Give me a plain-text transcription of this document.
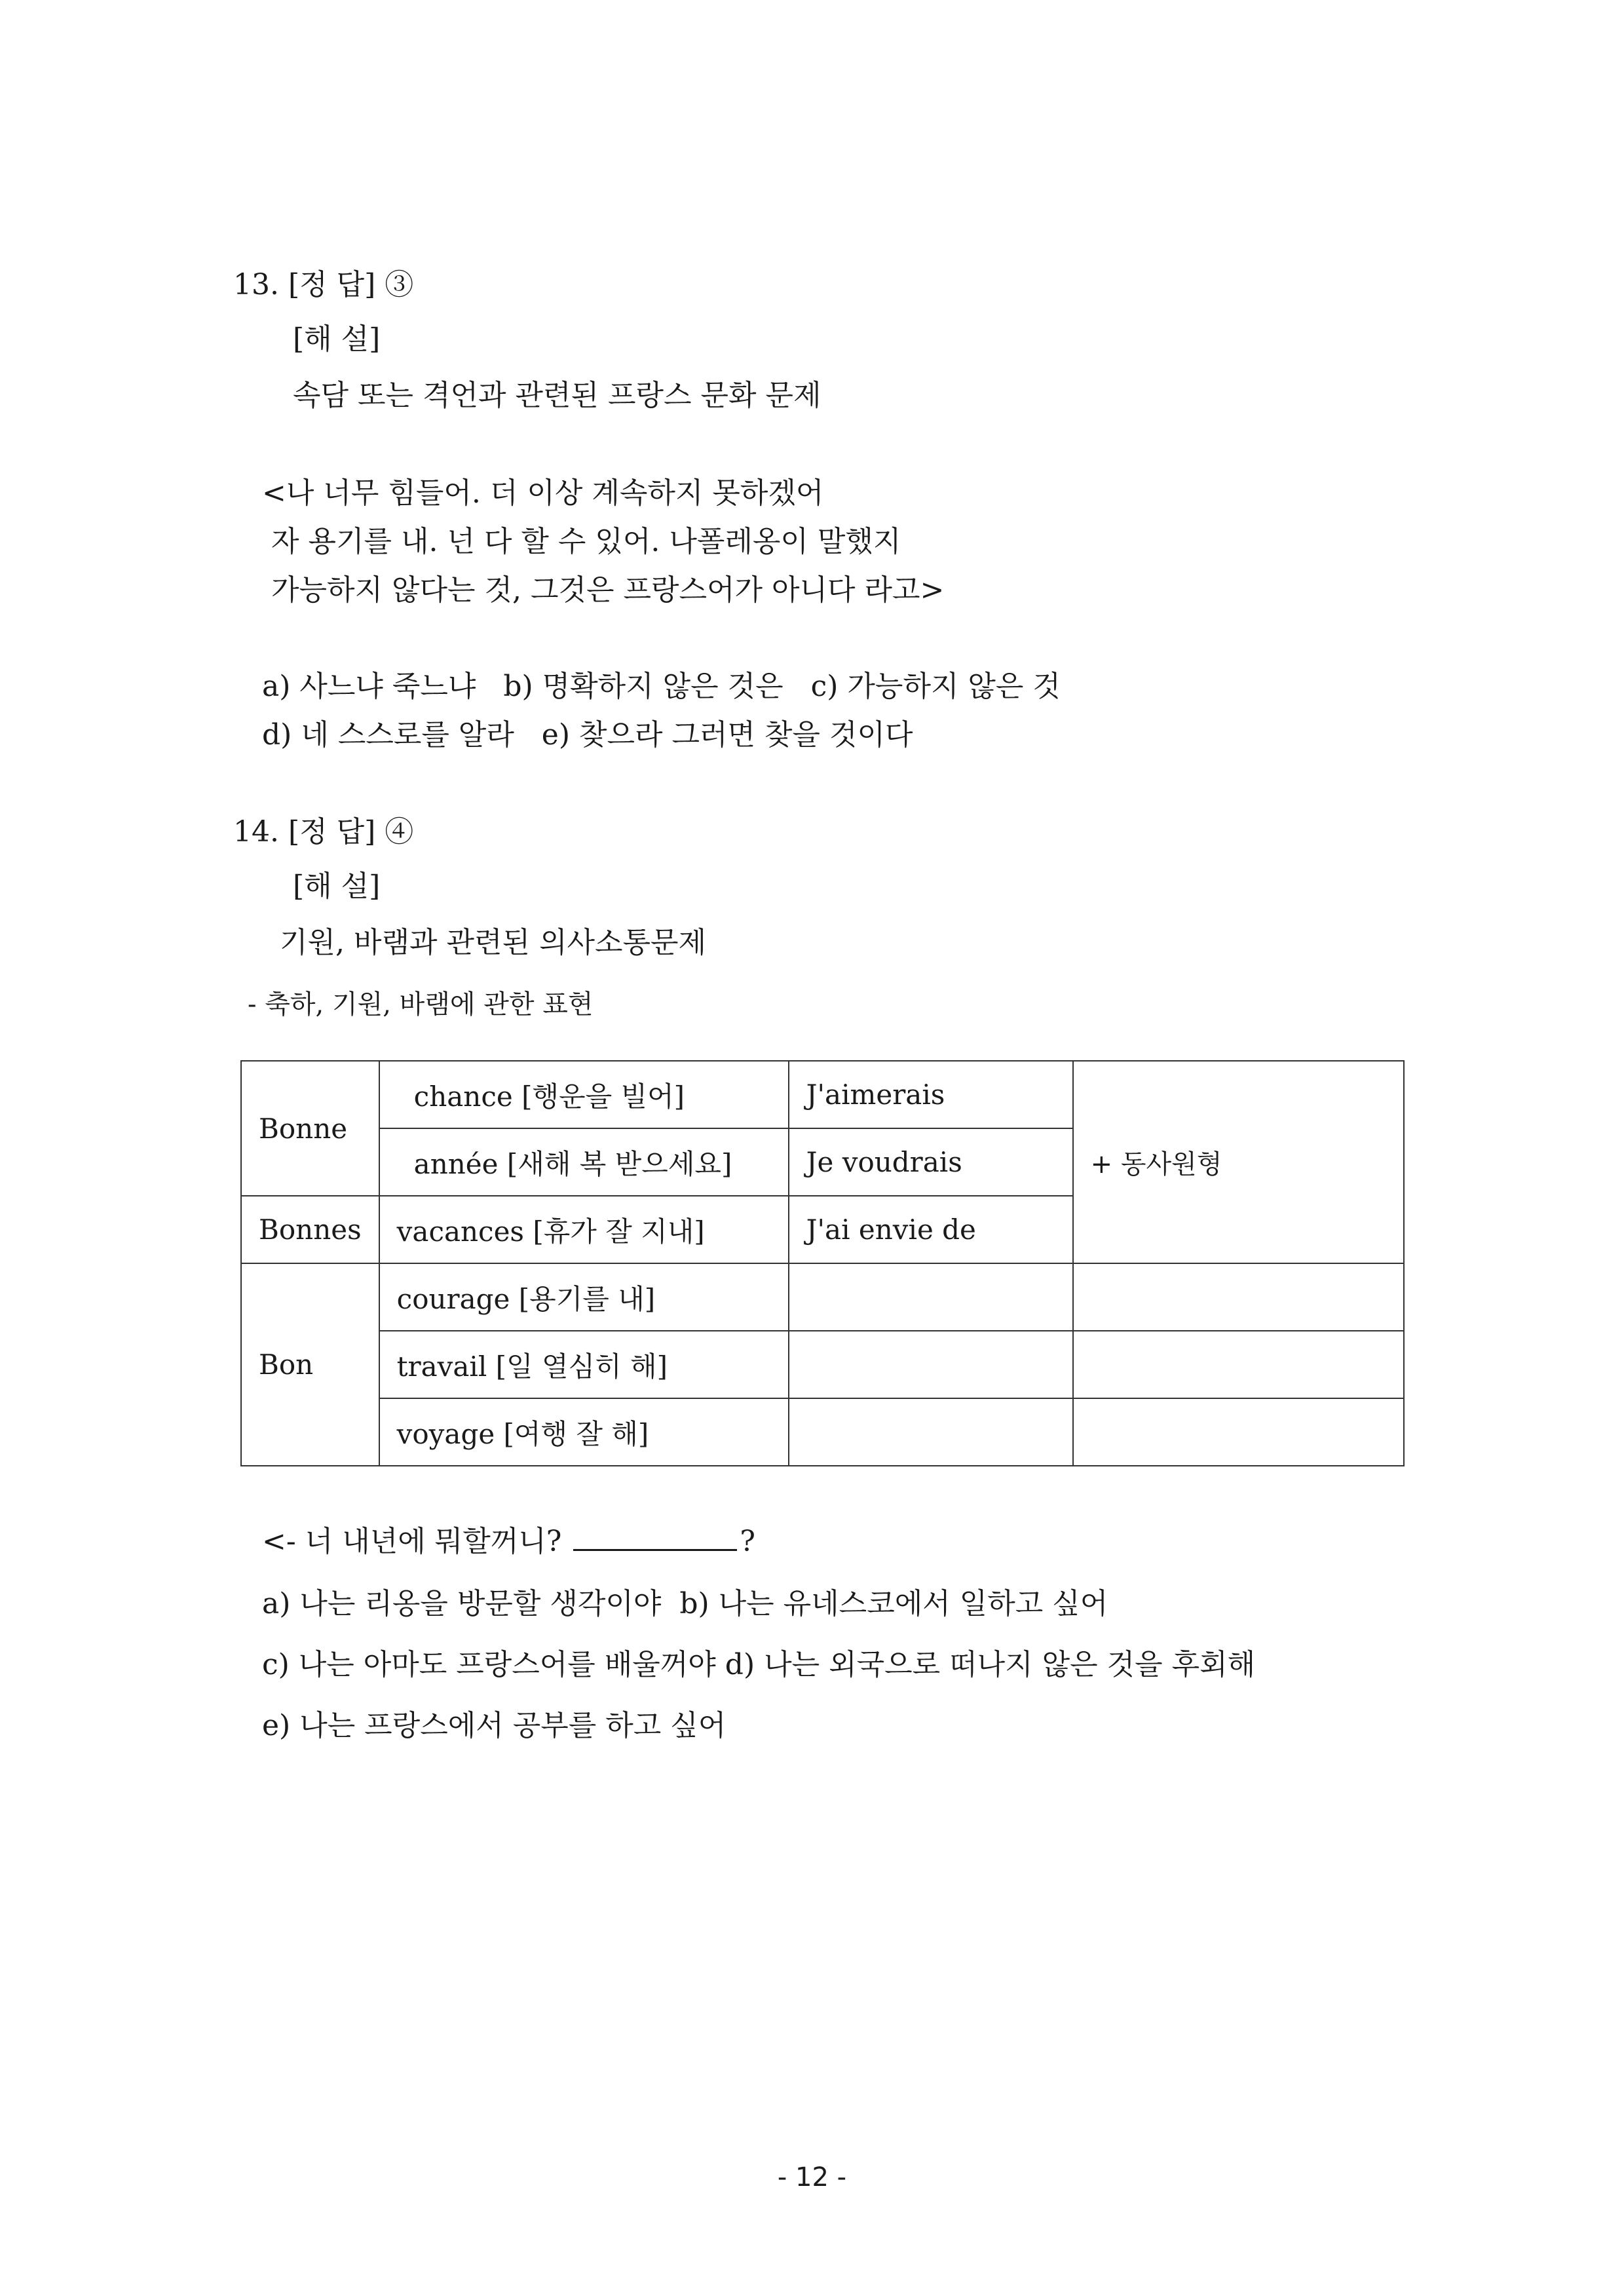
13. [정 답] ③
[해 설]
속담 또는 격언과 관련된 프랑스 문화 문제
<나 너무 힘들어. 더 이상 계속하지 못하겠어
자 용기를 내. 넌 다 할 수 있어. 나폴레옹이 말했지
가능하지 않다는 것, 그것은 프랑스어가 아니다 라고>
a) 사느냐 죽느냐   b) 명확하지 않은 것은   c) 가능하지 않은 것
d) 네 스스로를 알라   e) 찾으라 그러면 찾을 것이다
14. [정 답] ④
[해 설]
기원, 바램과 관련된 의사소통문제
- 축하, 기원, 바램에 관한 표현
Bonne	chance [행운을 빌어]	J'aimerais	+ 동사원형
	année [새해 복 받으세요]	Je voudrais	
Bonnes	vacances [휴가 잘 지내]	J'ai envie de	
Bon	courage [용기를 내]		
	travail [일 열심히 해]		
	voyage [여행 잘 해]		
<- 너 내년에 뭐할꺼니?	?
a) 나는 리옹을 방문할 생각이야  b) 나는 유네스코에서 일하고 싶어
c) 나는 아마도 프랑스어를 배울꺼야 d) 나는 외국으로 떠나지 않은 것을 후회해
e) 나는 프랑스에서 공부를 하고 싶어
- 12 -
